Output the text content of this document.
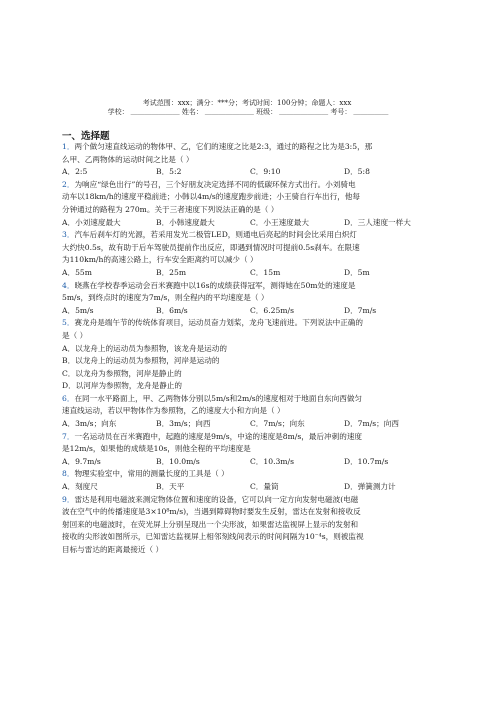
考试范围：xxx；满分：***分；考试时间：100分钟；命题人：xxx
学校： ＿＿＿＿＿＿＿ 姓名： ＿＿＿＿＿＿＿ 班级： ＿＿＿＿＿＿＿ 考号： ＿＿＿＿＿
一、选择题

1．两个做匀速直线运动的物体甲、乙，它们的速度之比是2:3，通过的路程之比为是3:5，那

么甲、乙两物体的运动时间之比是（ ）

A．2:5	B．5:2	C．9:10	D．5:8

2．为响应“绿色出行”的号召，三个好朋友决定选择不同的低碳环保方式出行。小刘骑电

动车以18km/h的速度平稳前进；小韩以4m/s的速度跑步前进；小王骑自行车出行，他每

分钟通过的路程为 270m。关于三者速度下列说法正确的是（ ）

A．小刘速度最大	B．小韩速度最大	C．小王速度最大	D．三人速度一样大

3．汽车后刹车灯的光源，若采用发光二极管LED，则通电后亮起的时间会比采用白炽灯

大约快0.5s，故有助于后车驾驶员提前作出反应，即遇到情况时可提前0.5s刹车。在限速

为110km/h的高速公路上，行车安全距离约可以减少（ ）

A．55m	B．25m	C．15m	D．5m

4．晓燕在学校春季运动会百米赛跑中以16s的成绩获得冠军，测得她在50m处的速度是

5m/s，到终点时的速度为7m/s，则全程内的平均速度是（ ）

A．5m/s	B．6m/s	C．6.25m/s	D．7m/s

5．赛龙舟是端午节的传统体育项目，运动员奋力划桨，龙舟飞速前进。下列说法中正确的

是（ ）

A．以龙舟上的运动员为参照物，该龙舟是运动的

B．以龙舟上的运动员为参照物，河岸是运动的

C．以龙舟为参照物，河岸是静止的

D．以河岸为参照物，龙舟是静止的

6．在同一水平路面上，甲、乙两物体分别以5m/s和2m/s的速度相对于地面自东向西做匀

速直线运动，若以甲物体作为参照物，乙的速度大小和方向是（ ）

A．3m/s；向东	B．3m/s；向西	C．7m/s；向东	D．7m/s；向西

7．一名运动员在百米赛跑中，起跑的速度是9m/s，中途的速度是8m/s，最后冲刺的速度

是12m/s，如果他的成绩是10s，则他全程的平均速度是

A．9.7m/s	B．10.0m/s	C．10.3m/s	D．10.7m/s

8．物理实验室中，常用的测量长度的工具是（ ）

A．刻度尺	B．天平	C．量筒	D．弹簧测力计

9．雷达是利用电磁波来测定物体位置和速度的设备，它可以向一定方向发射电磁波(电磁

波在空气中的传播速度是3×10⁸m/s)，当遇到障碍物时要发生反射，雷达在发射和接收反

射回来的电磁波时，在荧光屏上分别呈现出一个尖形波，如果雷达监视屏上显示的发射和

接收的尖形波如图所示，已知雷达监视屏上相邻刻线间表示的时间间隔为10⁻⁴s，则被监视

目标与雷达的距离最接近（ ）
